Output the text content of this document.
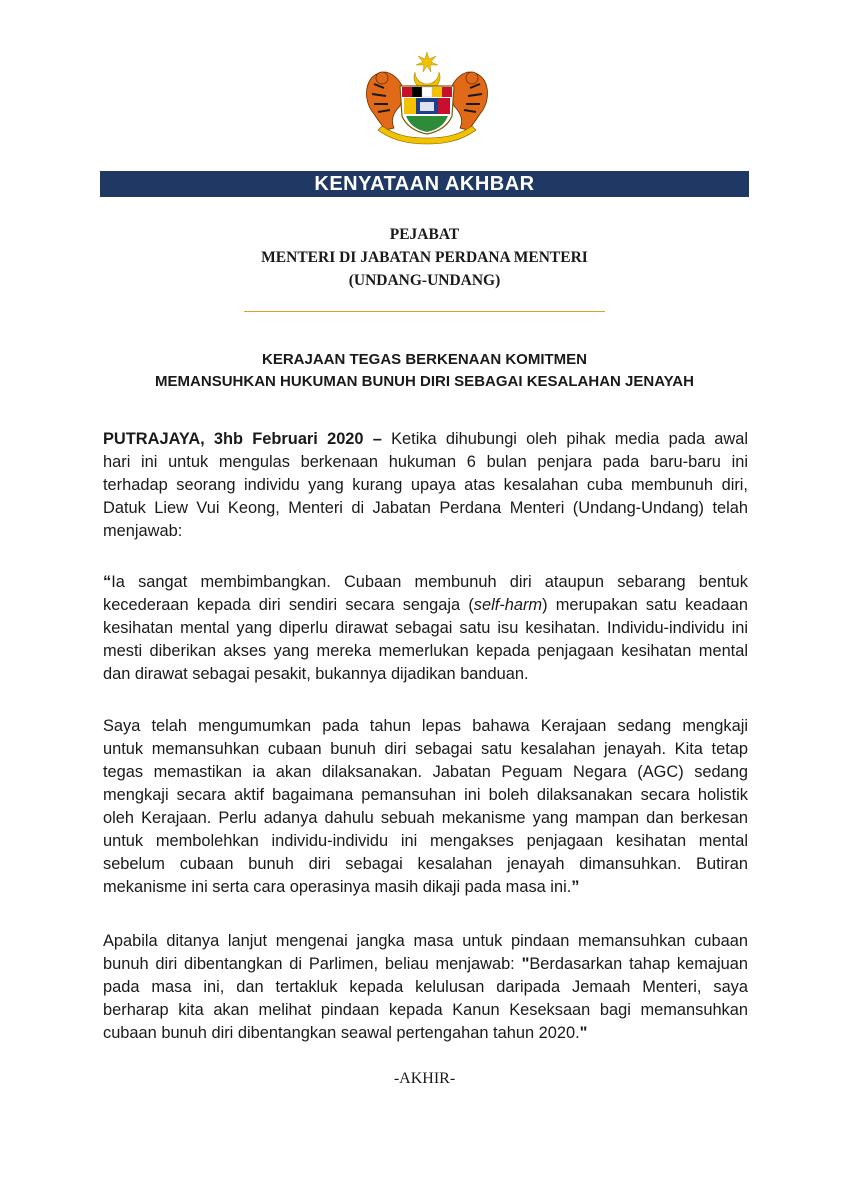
KENYATAAN AKHBAR
PEJABAT
MENTERI DI JABATAN PERDANA MENTERI
(UNDANG-UNDANG)
KERAJAAN TEGAS BERKENAAN KOMITMEN
MEMANSUHKAN HUKUMAN BUNUH DIRI SEBAGAI KESALAHAN JENAYAH
PUTRAJAYA, 3hb Februari 2020 – Ketika dihubungi oleh pihak media pada awal
hari ini untuk mengulas berkenaan hukuman 6 bulan penjara pada baru-baru ini
terhadap seorang individu yang kurang upaya atas kesalahan cuba membunuh diri,
Datuk Liew Vui Keong, Menteri di Jabatan Perdana Menteri (Undang-Undang) telah
menjawab:
“Ia sangat membimbangkan. Cubaan membunuh diri ataupun sebarang bentuk
kecederaan kepada diri sendiri secara sengaja (self-harm) merupakan satu keadaan
kesihatan mental yang diperlu dirawat sebagai satu isu kesihatan. Individu-individu ini
mesti diberikan akses yang mereka memerlukan kepada penjagaan kesihatan mental
dan dirawat sebagai pesakit, bukannya dijadikan banduan.
Saya telah mengumumkan pada tahun lepas bahawa Kerajaan sedang mengkaji
untuk memansuhkan cubaan bunuh diri sebagai satu kesalahan jenayah. Kita tetap
tegas memastikan ia akan dilaksanakan. Jabatan Peguam Negara (AGC) sedang
mengkaji secara aktif bagaimana pemansuhan ini boleh dilaksanakan secara holistik
oleh Kerajaan. Perlu adanya dahulu sebuah mekanisme yang mampan dan berkesan
untuk membolehkan individu-individu ini mengakses penjagaan kesihatan mental
sebelum cubaan bunuh diri sebagai kesalahan jenayah dimansuhkan. Butiran
mekanisme ini serta cara operasinya masih dikaji pada masa ini.”
Apabila ditanya lanjut mengenai jangka masa untuk pindaan memansuhkan cubaan
bunuh diri dibentangkan di Parlimen, beliau menjawab: "Berdasarkan tahap kemajuan
pada masa ini, dan tertakluk kepada kelulusan daripada Jemaah Menteri, saya
berharap kita akan melihat pindaan kepada Kanun Keseksaan bagi memansuhkan
cubaan bunuh diri dibentangkan seawal pertengahan tahun 2020."
-AKHIR-
